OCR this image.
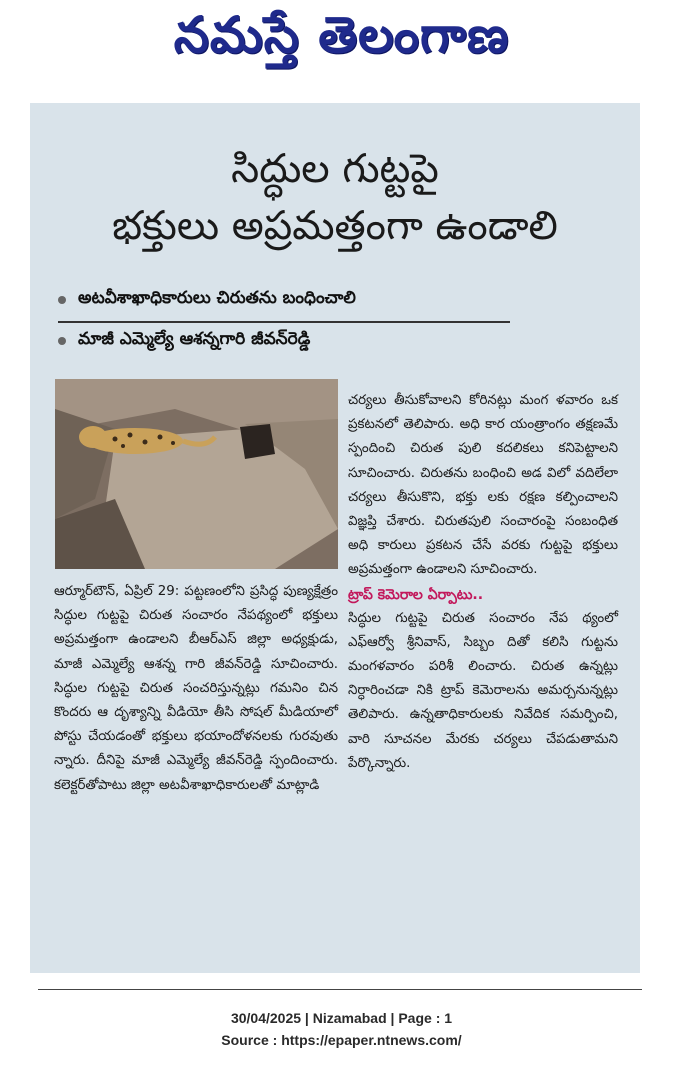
నమస్తే తెలంగాణ
సిద్ధుల గుట్టపై
భక్తులు అప్రమత్తంగా ఉండాలి
అటవీశాఖాధికారులు చిరుతను బంధించాలి
మాజీ ఎమ్మెల్యే ఆశన్నగారి జీవన్‌రెడ్డి

ఆర్మూర్‌టౌన్, ఏప్రిల్ 29: పట్టణంలోని ప్రసిద్ధ పుణ్యక్షేత్రం సిద్ధుల గుట్టపై చిరుత సంచారం నేపథ్యంలో భక్తులు అప్రమత్తంగా ఉండాలని బీఆర్‌ఎస్ జిల్లా అధ్యక్షుడు, మాజీ ఎమ్మెల్యే ఆశన్న గారి జీవన్‌రెడ్డి సూచించారు. సిద్ధుల గుట్టపై చిరుత సంచరిస్తున్నట్లు గమనిం చిన కొందరు ఆ దృశ్యాన్ని వీడియో తీసి సోషల్ మీడియాలో పోస్టు చేయడంతో భక్తులు భయాందోళనలకు గురవుతు న్నారు. దీనిపై మాజీ ఎమ్మెల్యే జీవన్‌రెడ్డి స్పందించారు. కలెక్టర్‌తోపాటు జిల్లా అటవీశాఖాధికారులతో మాట్లాడి

చర్యలు తీసుకోవాలని కోరినట్లు మంగ ళవారం ఒక ప్రకటనలో తెలిపారు. అధి కార యంత్రాంగం తక్షణమే స్పందించి చిరుత పులి కదలికలు కనిపెట్టాలని సూచించారు. చిరుతను బంధించి అడ విలో వదిలేలా చర్యలు తీసుకొని, భక్తు లకు రక్షణ కల్పించాలని విజ్ఞప్తి చేశారు. చిరుతపులి సంచారంపై సంబంధిత అధి కారులు ప్రకటన చేసే వరకు గుట్టపై భక్తులు అప్రమత్తంగా ఉండాలని సూచించారు.

ట్రాప్ కెమెరాల ఏర్పాటు..

సిద్ధుల గుట్టపై చిరుత సంచారం నేప థ్యంలో ఎఫ్‌ఆర్వో శ్రీనివాస్, సిబ్బం దితో కలిసి గుట్టను మంగళవారం పరిశీ లించారు. చిరుత ఉన్నట్లు నిర్ధారించడా నికి ట్రాప్ కెమెరాలను అమర్చనున్నట్లు తెలిపారు. ఉన్నతాధికారులకు నివేదిక సమర్పించి, వారి సూచనల మేరకు చర్యలు చేపడుతామని పేర్కొన్నారు.

30/04/2025 | Nizamabad | Page : 1
Source : https://epaper.ntnews.com/
